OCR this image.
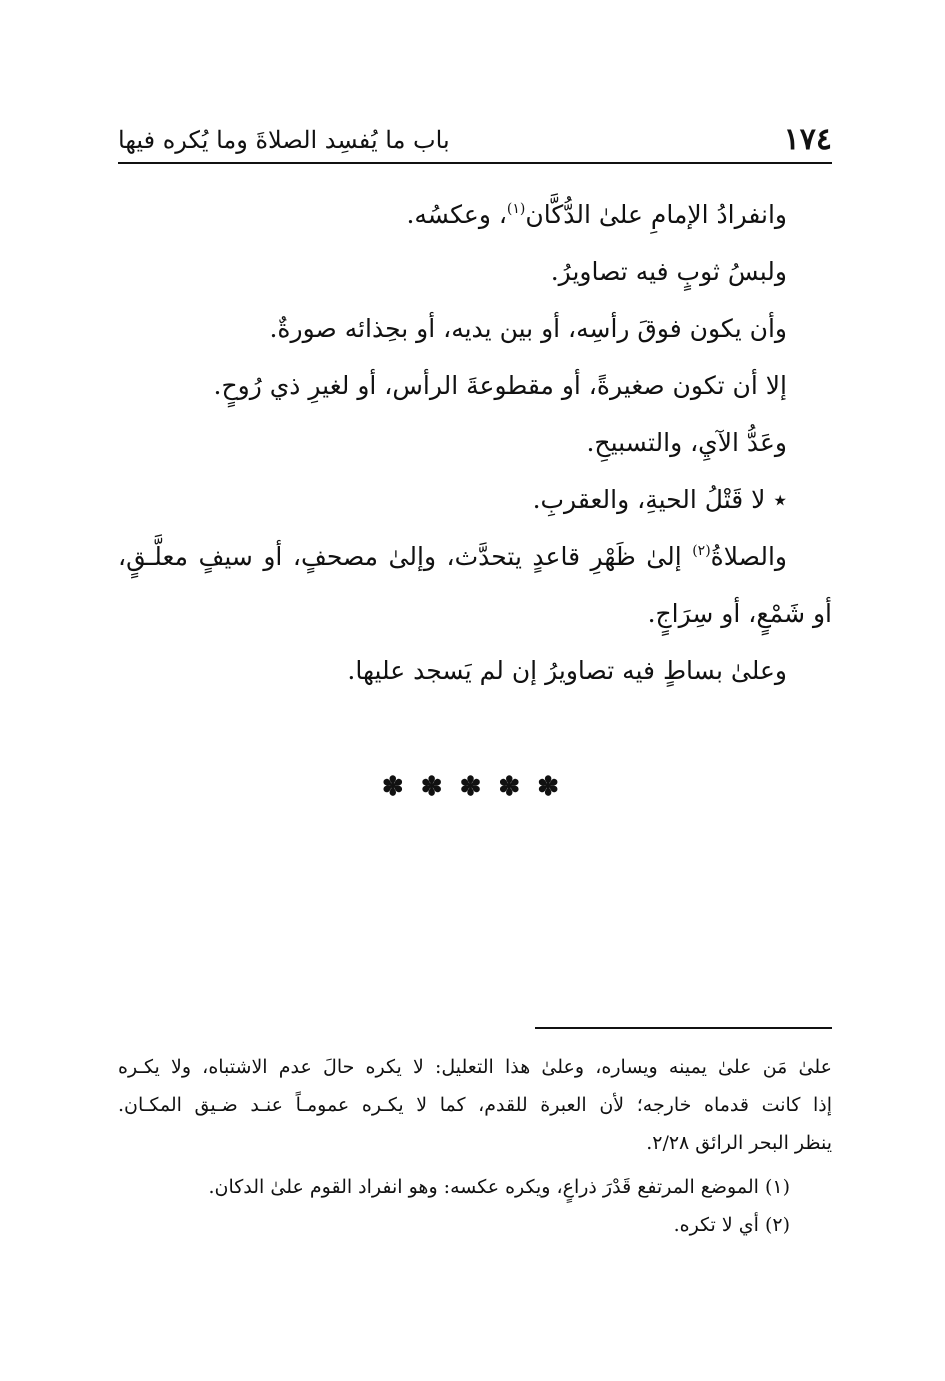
١٧٤
باب ما يُفسِد الصلاةَ وما يُكره فيها
وانفرادُ الإمامِ علىٰ الدُّكَّان$^{(١)}$، وعكسُه.
ولبسُ ثوبٍ فيه تصاويرُ.
وأن يكون فوقَ رأسِه، أو بين يديه، أو بحِذائه صورةٌ.
إلا أن تكون صغيرةً، أو مقطوعةَ الرأس، أو لغيرِ ذي رُوحٍ.
وعَدُّ الآيِ، والتسبيحِ.
٭ لا قَتْلُ الحيةِ، والعقربِ.
والصلاةُ$^{(٢)}$ إلىٰ ظَهْرِ قاعدٍ يتحدَّث، وإلىٰ مصحفٍ، أو سيفٍ معلَّـقٍ،
أو شَمْعٍ، أو سِرَاجٍ.
وعلىٰ بساطٍ فيه تصاويرُ إن لم يَسجد عليها.
✽ ✽ ✽ ✽ ✽
علىٰ مَن علىٰ يمينه ويساره، وعلىٰ هذا التعليل: لا يكره حالَ عدم الاشتباه، ولا يكـره
إذا كانت قدماه خارجه؛ لأن العبرة للقدم، كما لا يكـره عمومـاً عنـد ضـيق المكـان.
ينظر البحر الرائق ٢/٢٨.
(١) الموضع المرتفع قَدْرَ ذراعٍ، ويكره عكسه: وهو انفراد القوم علىٰ الدكان.
(٢) أي لا تكره.
